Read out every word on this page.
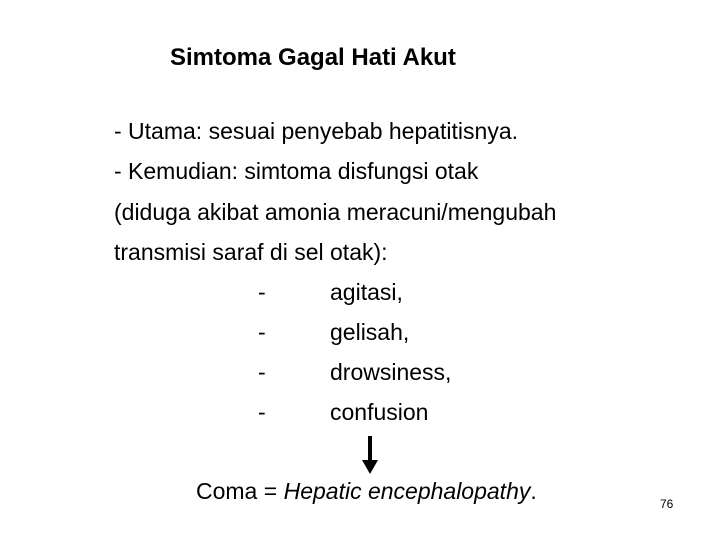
Simtoma Gagal Hati Akut
- Utama: sesuai penyebab hepatitisnya.
- Kemudian: simtoma disfungsi otak
(diduga akibat amonia meracuni/mengubah
transmisi saraf di sel otak):
-	agitasi,
-	gelisah,
-	drowsiness,
-	confusion
Coma = Hepatic encephalopathy.	76
